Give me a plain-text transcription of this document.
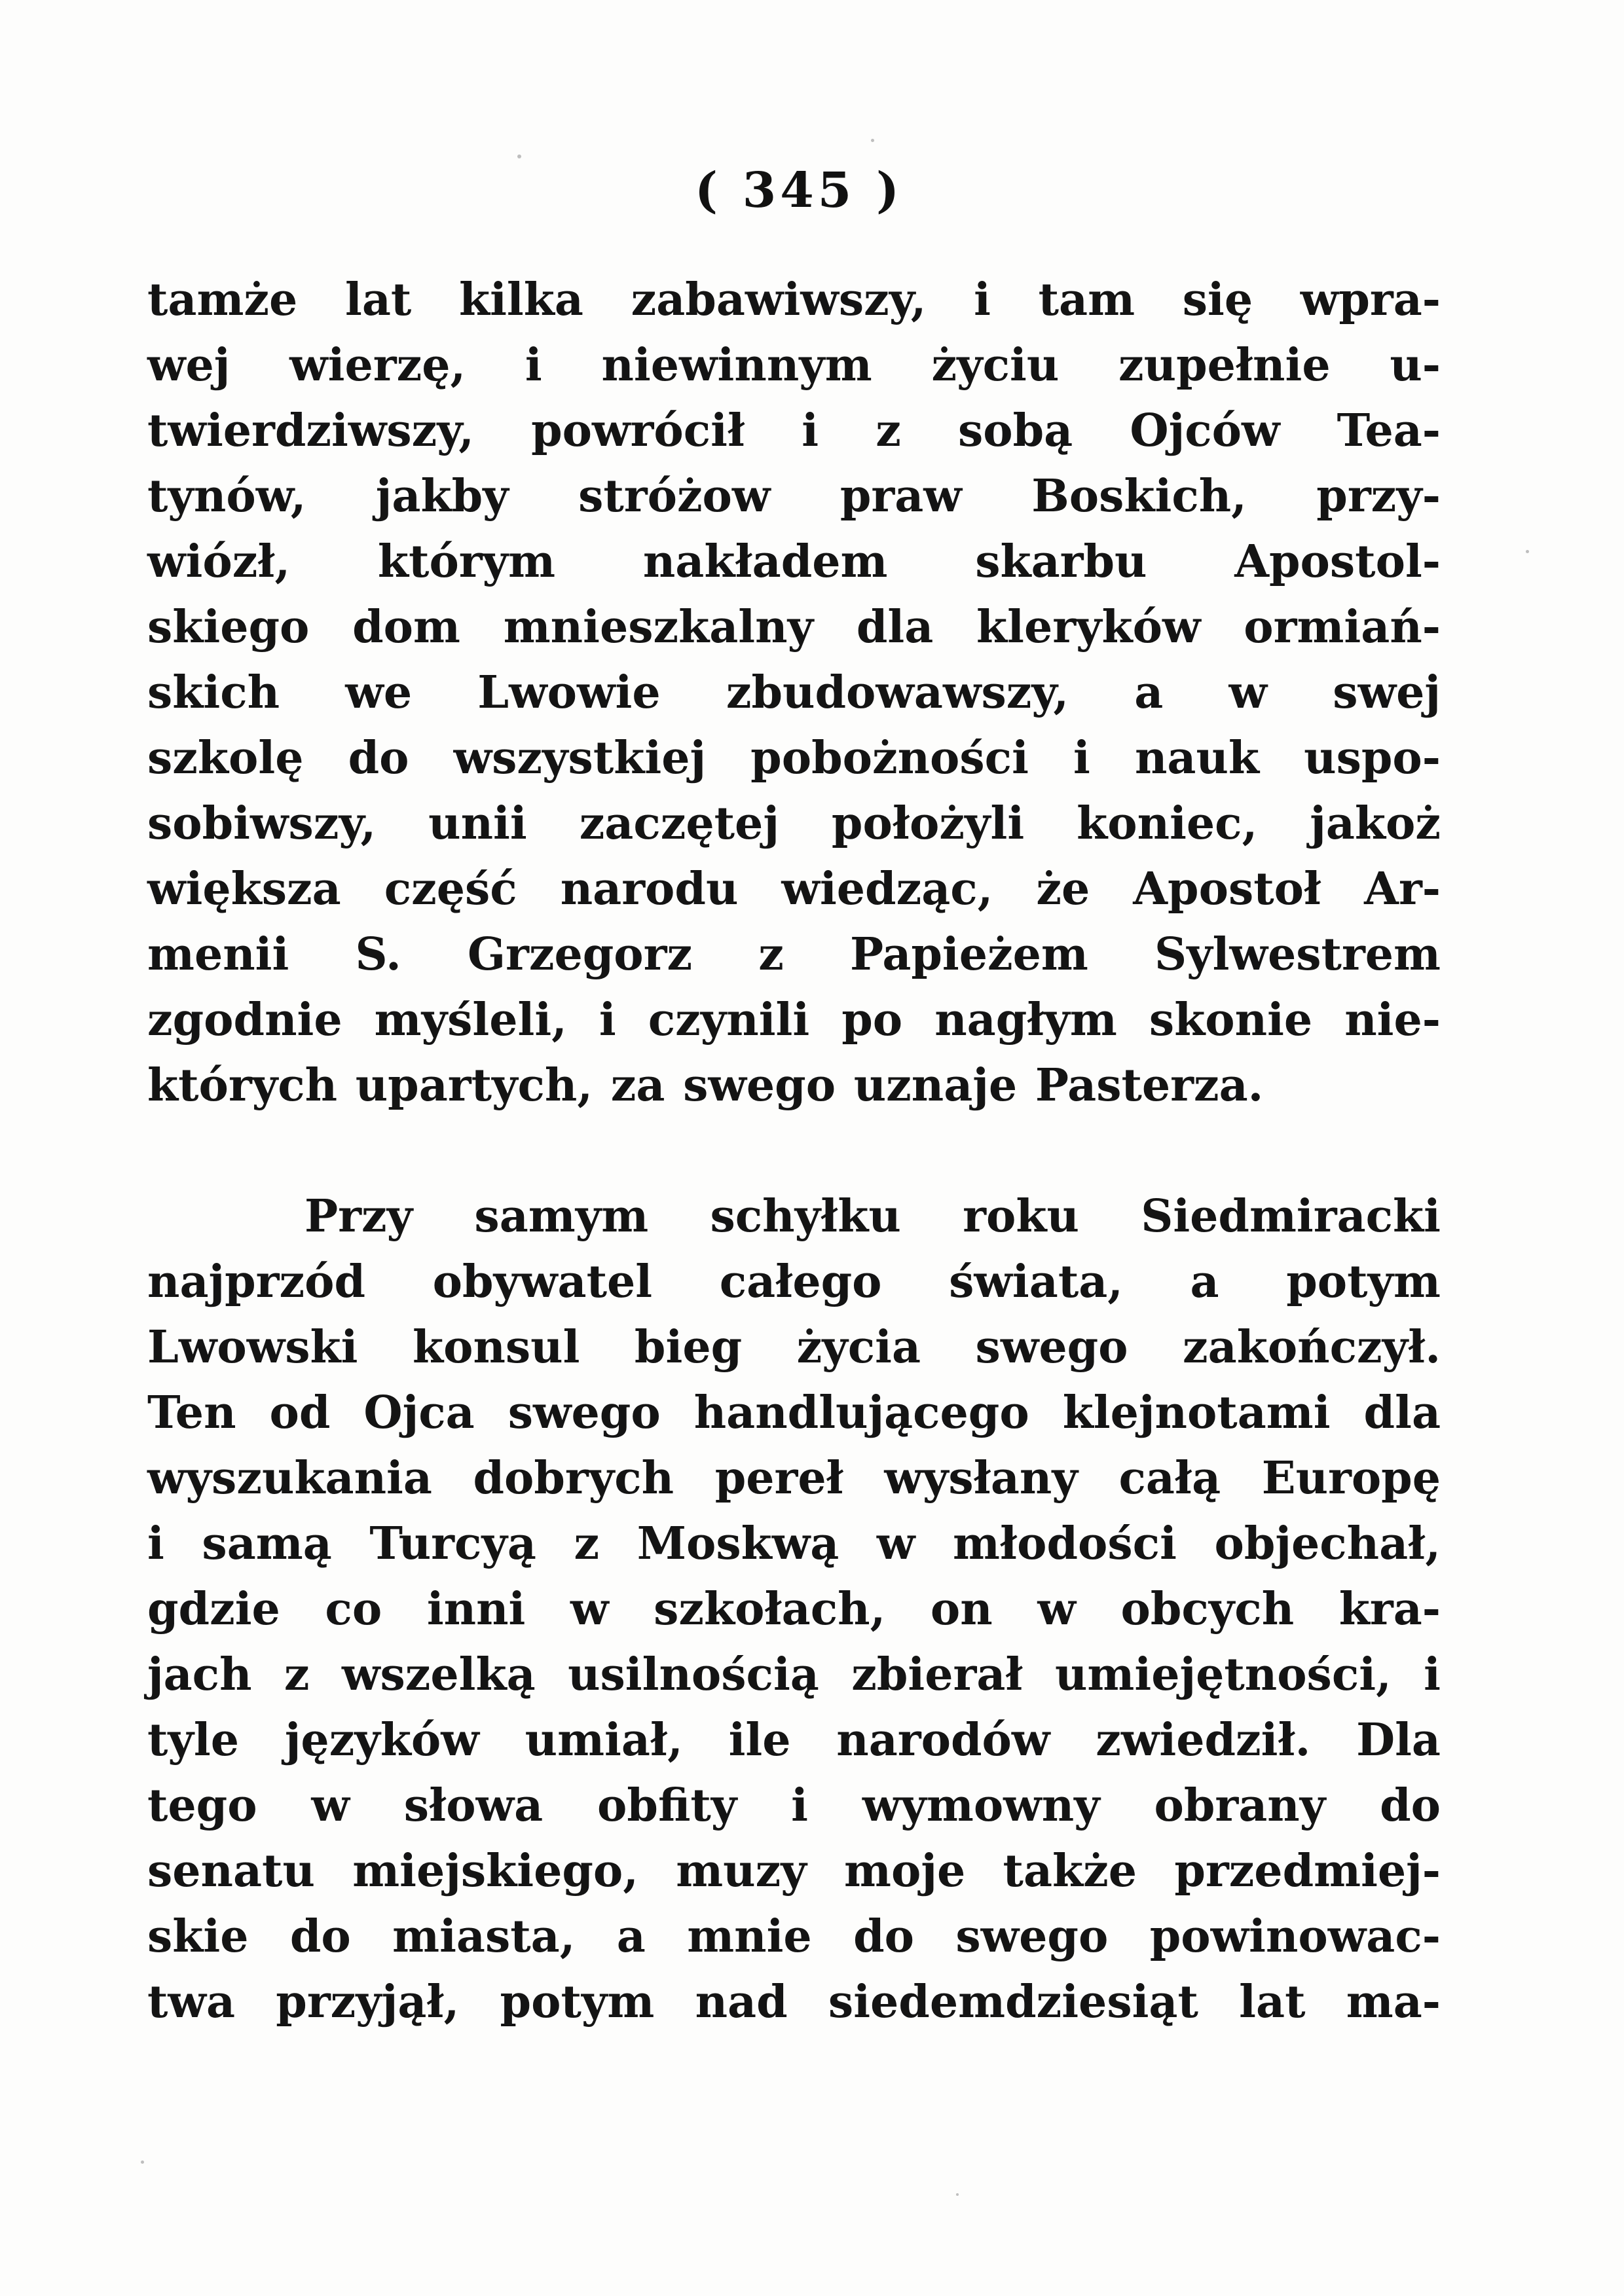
( 345 )
tamże lat kilka zabawiwszy, i tam się wpra-
wej wierzę, i niewinnym życiu zupełnie u-
twierdziwszy, powrócił i z sobą Ojców Tea-
tynów, jakby stróżow praw Boskich, przy-
wiózł, którym nakładem skarbu Apostol-
skiego dom mnieszkalny dla kleryków ormiań-
skich we Lwowie zbudowawszy, a w swej
szkolę do wszystkiej pobożności i nauk uspo-
sobiwszy, unii zaczętej położyli koniec, jakoż
większa część narodu wiedząc, że Apostoł Ar-
menii S. Grzegorz z Papieżem Sylwestrem
zgodnie myśleli, i czynili po nagłym skonie nie-
których upartych, za swego uznaje Pasterza.
Przy samym schyłku roku Siedmiracki
najprzód obywatel całego świata, a potym
Lwowski konsul bieg życia swego zakończył.
Ten od Ojca swego handlującego klejnotami dla
wyszukania dobrych pereł wysłany całą Europę
i samą Turcyą z Moskwą w młodości objechał,
gdzie co inni w szkołach, on w obcych kra-
jach z wszelką usilnością zbierał umiejętności, i
tyle języków umiał, ile narodów zwiedził. Dla
tego w słowa obfity i wymowny obrany do
senatu miejskiego, muzy moje także przedmiej-
skie do miasta, a mnie do swego powinowac-
twa przyjął, potym nad siedemdziesiąt lat ma-
